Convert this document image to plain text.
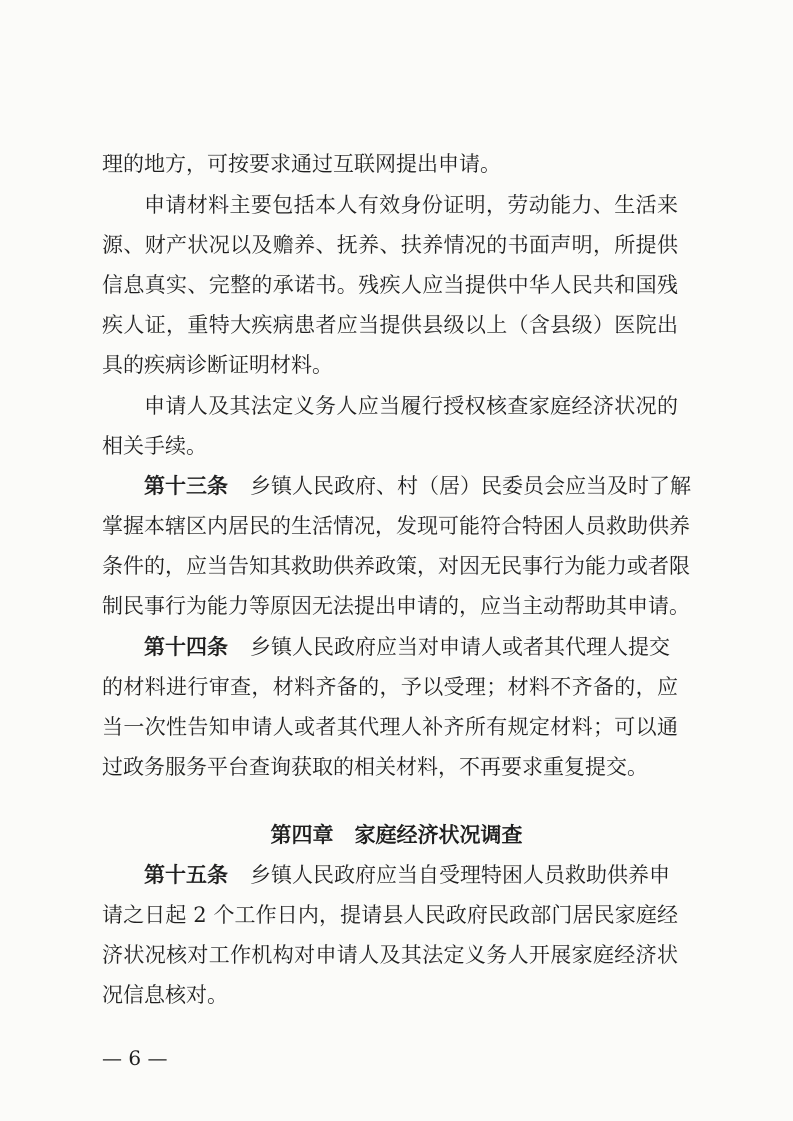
理的地方，可按要求通过互联网提出申请。
申请材料主要包括本人有效身份证明，劳动能力、生活来
源、财产状况以及赡养、抚养、扶养情况的书面声明，所提供
信息真实、完整的承诺书。残疾人应当提供中华人民共和国残
疾人证，重特大疾病患者应当提供县级以上（含县级）医院出
具的疾病诊断证明材料。
申请人及其法定义务人应当履行授权核查家庭经济状况的
相关手续。
第十三条 乡镇人民政府、村（居）民委员会应当及时了解
掌握本辖区内居民的生活情况，发现可能符合特困人员救助供养
条件的，应当告知其救助供养政策，对因无民事行为能力或者限
制民事行为能力等原因无法提出申请的，应当主动帮助其申请。
第十四条 乡镇人民政府应当对申请人或者其代理人提交
的材料进行审查，材料齐备的，予以受理；材料不齐备的，应
当一次性告知申请人或者其代理人补齐所有规定材料；可以通
过政务服务平台查询获取的相关材料，不再要求重复提交。
第四章　家庭经济状况调查
第十五条 乡镇人民政府应当自受理特困人员救助供养申
请之日起 2 个工作日内，提请县人民政府民政部门居民家庭经
济状况核对工作机构对申请人及其法定义务人开展家庭经济状
况信息核对。
— 6 —
